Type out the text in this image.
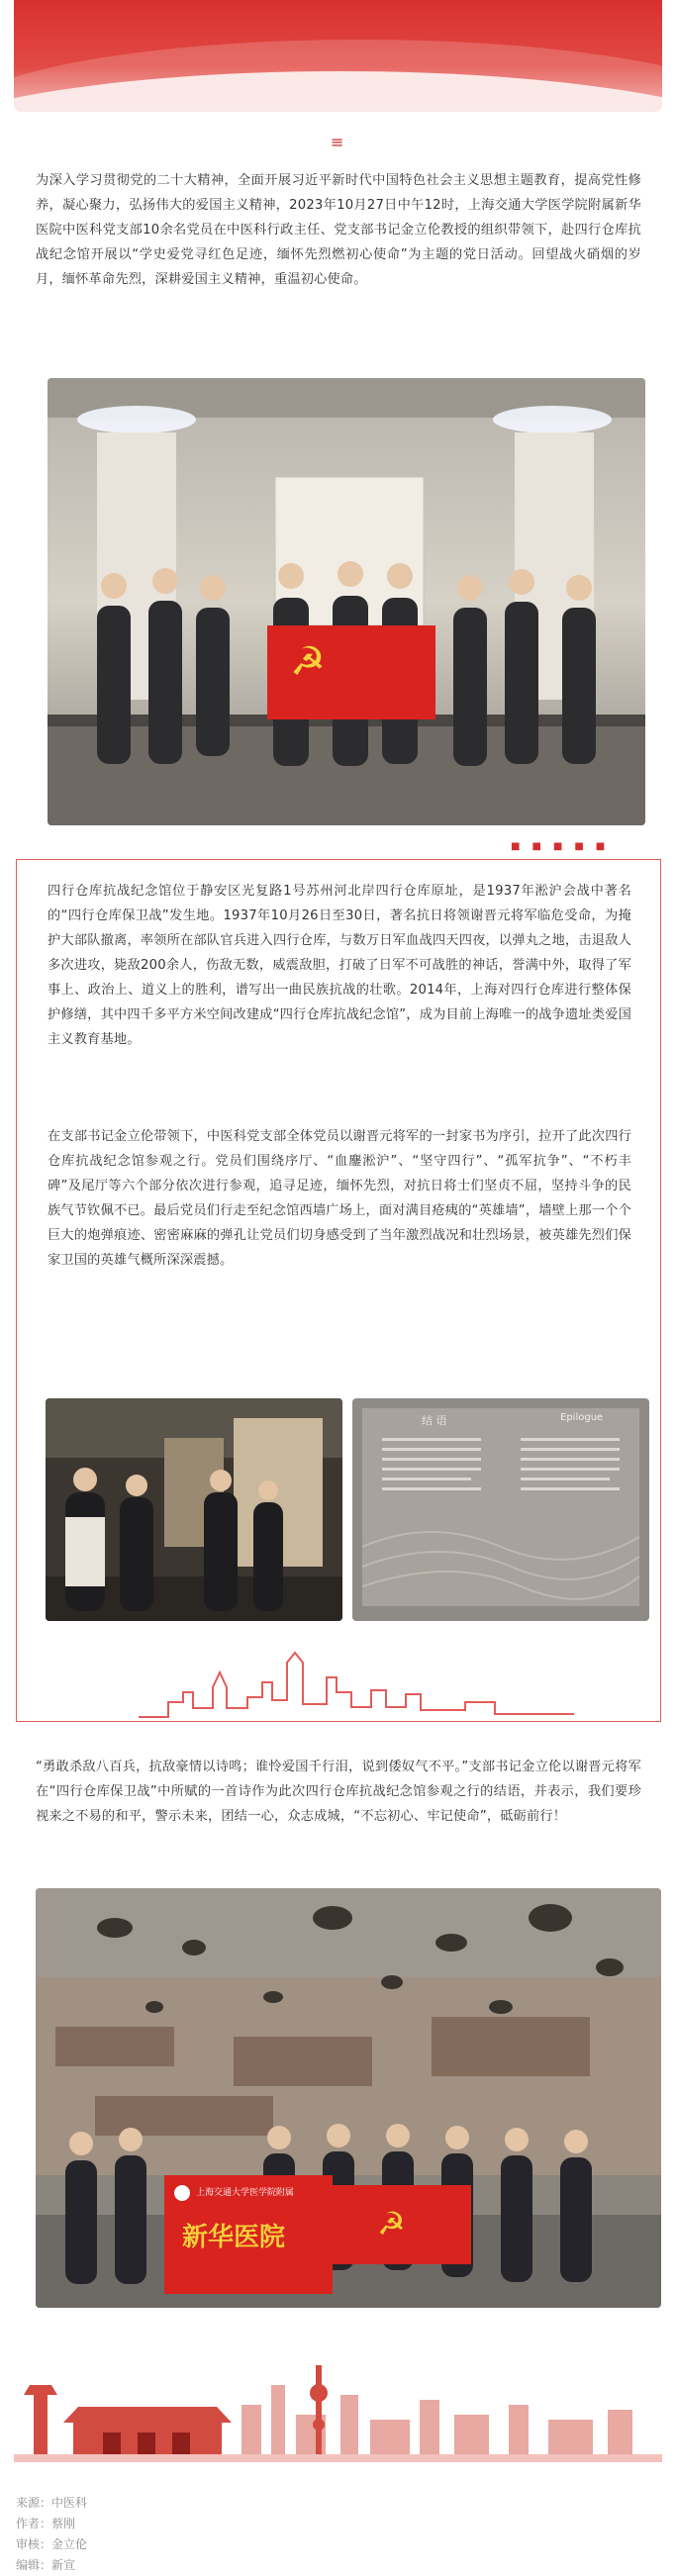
≡
为深入学习贯彻党的二十大精神，全面开展习近平新时代中国特色社会主义思想主题教育，提高党性修养，凝心聚力，弘扬伟大的爱国主义精神，2023年10月27日中午12时，上海交通大学医学院附属新华医院中医科党支部10余名党员在中医科行政主任、党支部书记金立伦教授的组织带领下，赴四行仓库抗战纪念馆开展以“学史爱党寻红色足迹，缅怀先烈燃初心使命”为主题的党日活动。回望战火硝烟的岁月，缅怀革命先烈，深耕爱国主义精神，重温初心使命。
☭
■■■■■
四行仓库抗战纪念馆位于静安区光复路1号苏州河北岸四行仓库原址，是1937年淞沪会战中著名的“四行仓库保卫战”发生地。1937年10月26日至30日，著名抗日将领谢晋元将军临危受命，为掩护大部队撤离，率领所在部队官兵进入四行仓库，与数万日军血战四天四夜，以弹丸之地，击退敌人多次进攻，毙敌200余人，伤敌无数，威震敌胆，打破了日军不可战胜的神话，誉满中外，取得了军事上、政治上、道义上的胜利，谱写出一曲民族抗战的壮歌。2014年，上海对四行仓库进行整体保护修缮，其中四千多平方米空间改建成“四行仓库抗战纪念馆”，成为目前上海唯一的战争遗址类爱国主义教育基地。
在支部书记金立伦带领下，中医科党支部全体党员以谢晋元将军的一封家书为序引，拉开了此次四行仓库抗战纪念馆参观之行。党员们围绕序厅、“血鏖淞沪”、“坚守四行”、“孤军抗争”、“不朽丰碑”及尾厅等六个部分依次进行参观，追寻足迹，缅怀先烈，对抗日将士们坚贞不屈，坚持斗争的民族气节钦佩不已。最后党员们行走至纪念馆西墙广场上，面对满目疮痍的“英雄墙”，墙壁上那一个个巨大的炮弹痕迹、密密麻麻的弹孔让党员们切身感受到了当年激烈战况和壮烈场景，被英雄先烈们保家卫国的英雄气概所深深震撼。
结 语	Epilogue
“勇敢杀敌八百兵，抗敌豪情以诗鸣；谁怜爱国千行泪，说到倭奴气不平。”支部书记金立伦以谢晋元将军在“四行仓库保卫战”中所赋的一首诗作为此次四行仓库抗战纪念馆参观之行的结语，并表示，我们要珍视来之不易的和平，警示未来，团结一心，众志成城，“不忘初心、牢记使命”，砥砺前行！
☭
上海交通大学医学院附属
新华医院
来源：中医科
作者：蔡刚
审核：金立伦
编辑：新宣
